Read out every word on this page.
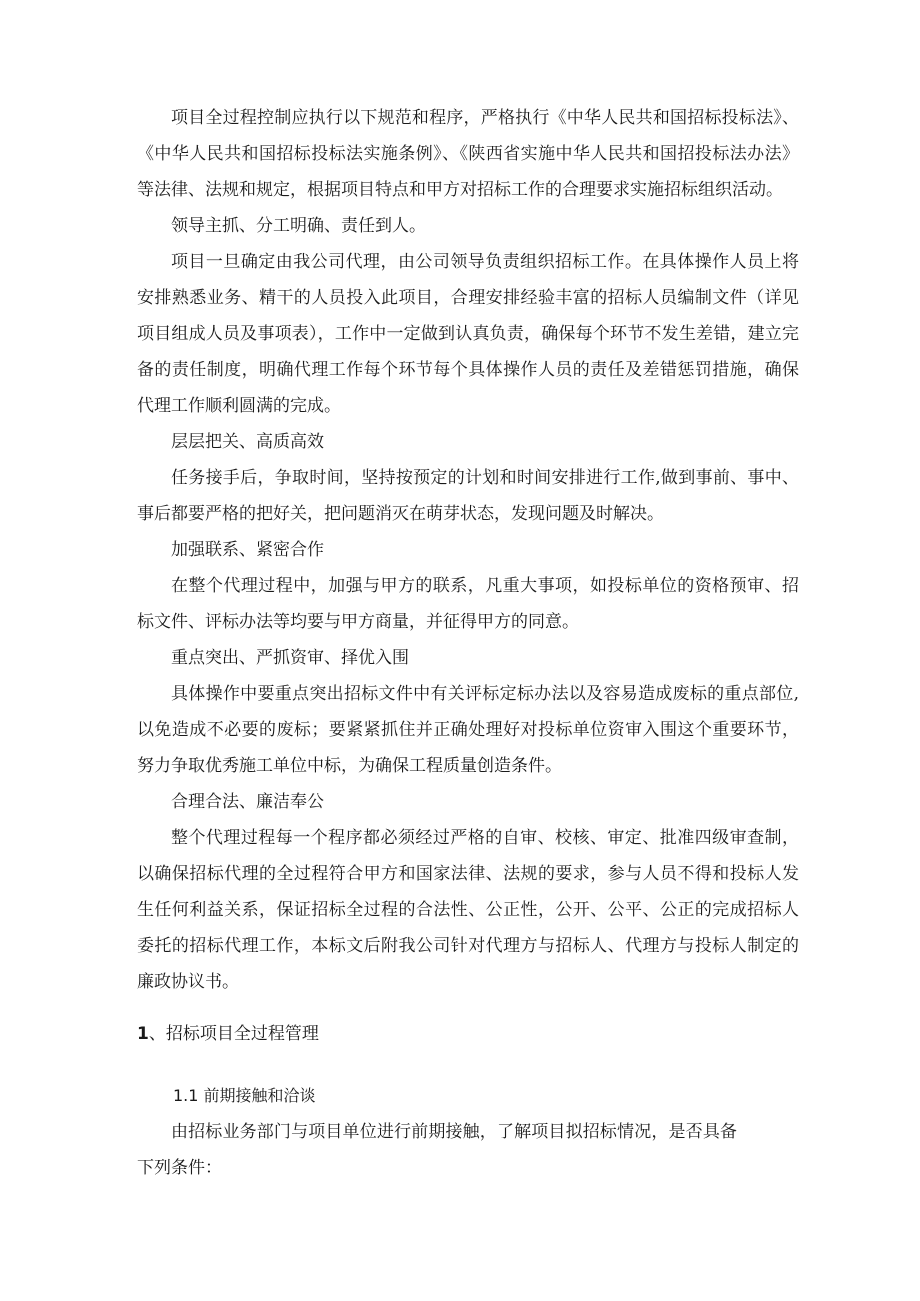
项目全过程控制应执行以下规范和程序，严格执行《中华人民共和国招标投标法》、《中华人民共和国招标投标法实施条例》、《陕西省实施中华人民共和国招投标法办法》等法律、法规和规定，根据项目特点和甲方对招标工作的合理要求实施招标组织活动。

领导主抓、分工明确、责任到人。

项目一旦确定由我公司代理，由公司领导负责组织招标工作。在具体操作人员上将安排熟悉业务、精干的人员投入此项目，合理安排经验丰富的招标人员编制文件（详见项目组成人员及事项表），工作中一定做到认真负责，确保每个环节不发生差错，建立完备的责任制度，明确代理工作每个环节每个具体操作人员的责任及差错惩罚措施，确保代理工作顺利圆满的完成。

层层把关、高质高效

任务接手后，争取时间，坚持按预定的计划和时间安排进行工作,做到事前、事中、事后都要严格的把好关，把问题消灭在萌芽状态，发现问题及时解决。

加强联系、紧密合作

在整个代理过程中，加强与甲方的联系，凡重大事项，如投标单位的资格预审、招标文件、评标办法等均要与甲方商量，并征得甲方的同意。

重点突出、严抓资审、择优入围

具体操作中要重点突出招标文件中有关评标定标办法以及容易造成废标的重点部位,以免造成不必要的废标；要紧紧抓住并正确处理好对投标单位资审入围这个重要环节，努力争取优秀施工单位中标，为确保工程质量创造条件。

合理合法、廉洁奉公

整个代理过程每一个程序都必须经过严格的自审、校核、审定、批准四级审查制，以确保招标代理的全过程符合甲方和国家法律、法规的要求，参与人员不得和投标人发生任何利益关系，保证招标全过程的合法性、公正性，公开、公平、公正的完成招标人委托的招标代理工作，本标文后附我公司针对代理方与招标人、代理方与投标人制定的廉政协议书。

1、招标项目全过程管理
1.1 前期接触和洽谈

由招标业务部门与项目单位进行前期接触，了解项目拟招标情况，是否具备下列条件：
